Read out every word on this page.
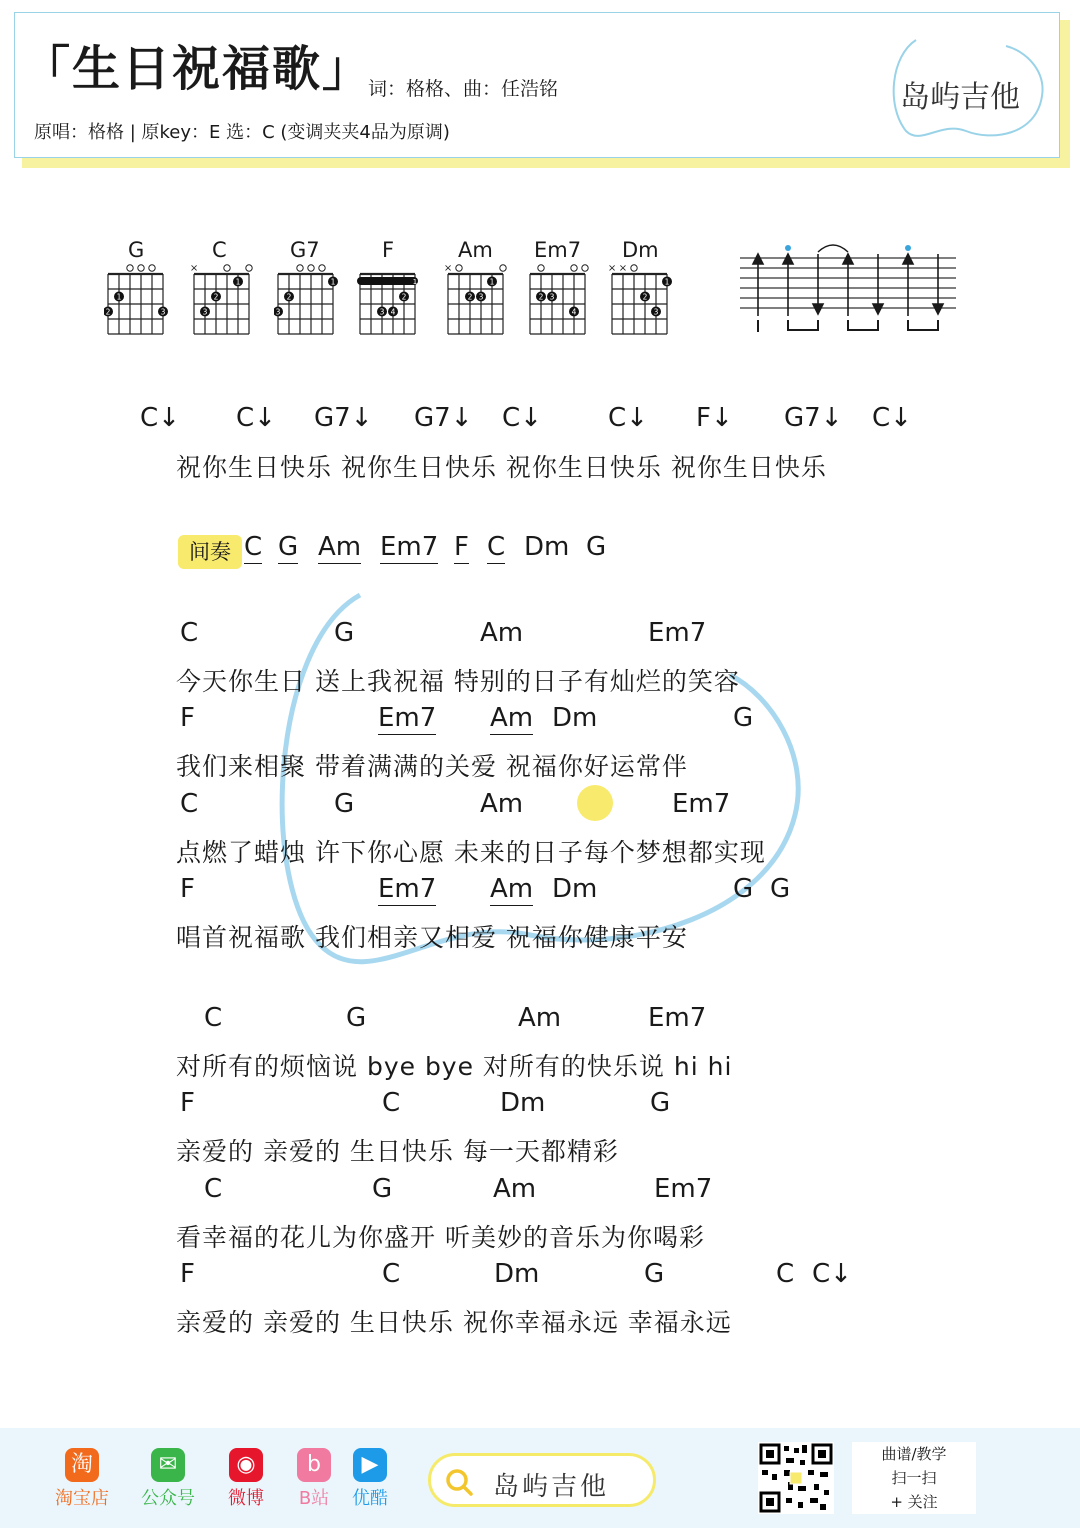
「生日祝福歌」
词：格格、曲：任浩铭
原唱：格格 | 原key：E 选：C (变调夹夹4品为原调)
岛屿吉他
G
2
1
3
C
×
3
2
1
G7
3
2
1
F
1
3 4
2
Am
×
2 3
1
Em7
2 3
4
Dm
× ×
2
3
1
C↓ C↓ G7↓ G7↓ C↓	C↓ F↓ G7↓ C↓
祝你生日快乐 祝你生日快乐 祝你生日快乐 祝你生日快乐
间奏 C G Am Em7 F C Dm G
C	G	Am	Em7
今天你生日 送上我祝福 特别的日子有灿烂的笑容
F	Em7 Am Dm	G
我们来相聚 带着满满的关爱 祝福你好运常伴
C	G	Am	Em7
点燃了蜡烛 许下你心愿 未来的日子每个梦想都实现
F	Em7 Am Dm	G G
唱首祝福歌 我们相亲又相爱 祝福你健康平安
C	G	Am	Em7
对所有的烦恼说 bye bye 对所有的快乐说 hi hi
F	C	Dm	G
亲爱的 亲爱的 生日快乐 每一天都精彩
C	G	Am	Em7
看幸福的花儿为你盛开 听美妙的音乐为你喝彩
F	C	Dm	G	C C↓
亲爱的 亲爱的 生日快乐 祝你幸福永远 幸福永远
淘
淘宝店
✉
公众号
◉
微博
b
B站
▶
优酷	岛屿吉他
曲谱/教学
扫一扫
+ 关注
